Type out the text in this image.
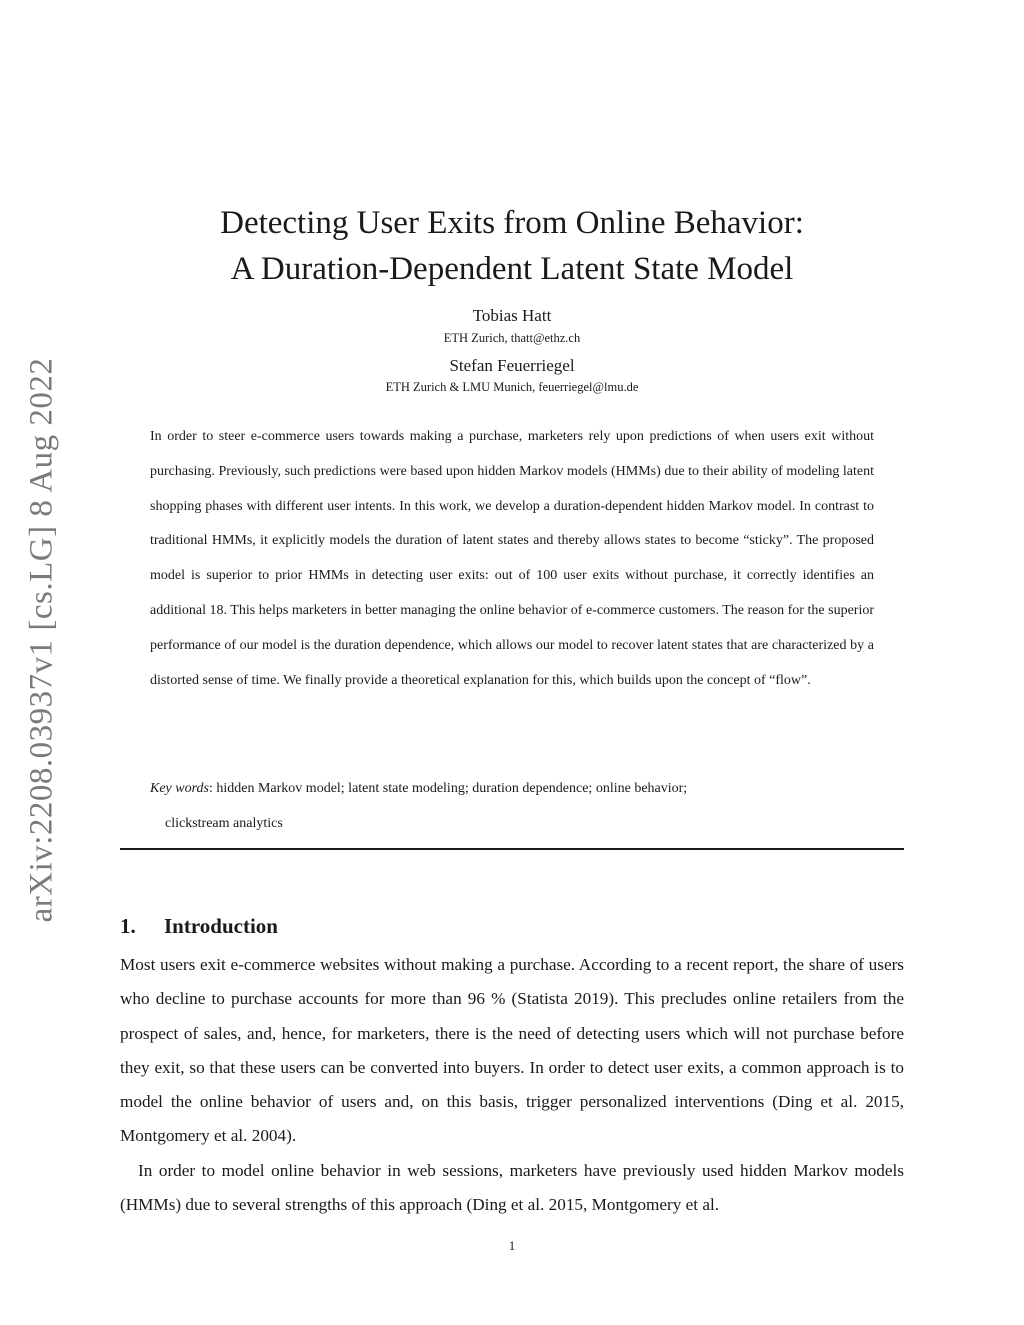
arXiv:2208.03937v1 [cs.LG] 8 Aug 2022
Detecting User Exits from Online Behavior:
A Duration-Dependent Latent State Model

Tobias Hatt

ETH Zurich, thatt@ethz.ch

Stefan Feuerriegel

ETH Zurich & LMU Munich, feuerriegel@lmu.de

In order to steer e-commerce users towards making a purchase, marketers rely upon predictions of when users exit without purchasing. Previously, such predictions were based upon hidden Markov models (HMMs) due to their ability of modeling latent shopping phases with different user intents. In this work, we develop a duration-dependent hidden Markov model. In contrast to traditional HMMs, it explicitly models the duration of latent states and thereby allows states to become “sticky”. The proposed model is superior to prior HMMs in detecting user exits: out of 100 user exits without purchase, it correctly identifies an additional 18. This helps marketers in better managing the online behavior of e-commerce customers. The reason for the superior performance of our model is the duration dependence, which allows our model to recover latent states that are characterized by a distorted sense of time. We finally provide a theoretical explanation for this, which builds upon the concept of “flow”.

Key words: hidden Markov model; latent state modeling; duration dependence; online behavior;
clickstream analytics

1. Introduction

Most users exit e-commerce websites without making a purchase. According to a recent report, the share of users who decline to purchase accounts for more than 96 % (Statista 2019). This precludes online retailers from the prospect of sales, and, hence, for marketers, there is the need of detecting users which will not purchase before they exit, so that these users can be converted into buyers. In order to detect user exits, a common approach is to model the online behavior of users and, on this basis, trigger personalized interventions (Ding et al. 2015, Montgomery et al. 2004).

In order to model online behavior in web sessions, marketers have previously used hidden Markov models (HMMs) due to several strengths of this approach (Ding et al. 2015, Montgomery et al.

1
